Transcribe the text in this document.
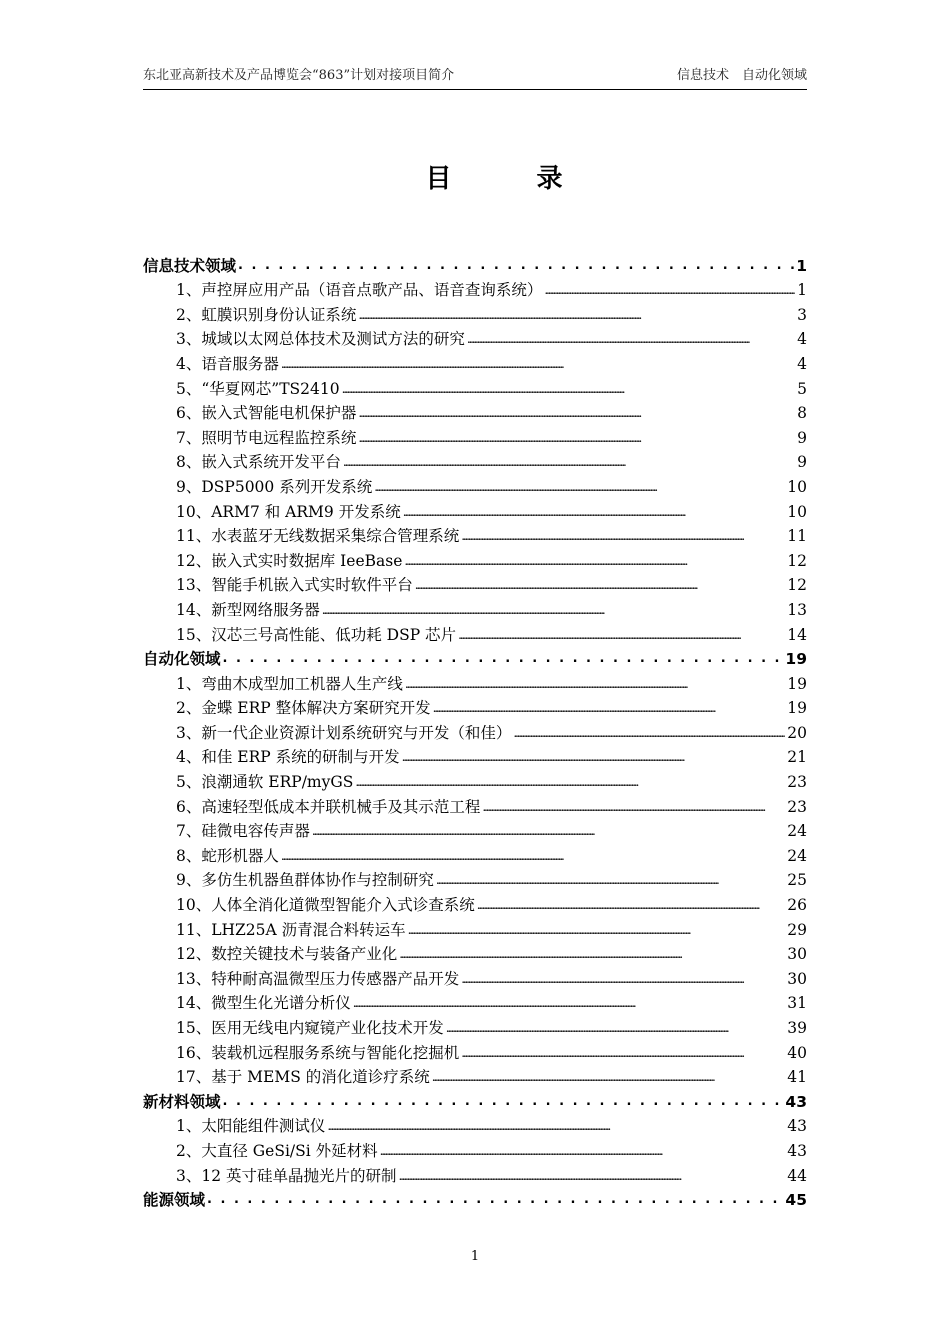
东北亚高新技术及产品博览会“863”计划对接项目简介	信息技术　自动化领域
目 录
信息技术领域 . . .	1
1、声控屏应用产品（语音点歌产品、语音查询系统） . . .	1
2、虹膜识别身份认证系统 . . .	3
3、城域以太网总体技术及测试方法的研究 . . .	4
4、语音服务器 . . .	4
5、“华夏网芯”TS2410 . . .	5
6、嵌入式智能电机保护器 . . .	8
7、照明节电远程监控系统 . . .	9
8、嵌入式系统开发平台 . . .	9
9、DSP5000 系列开发系统 . . .	10
10、ARM7 和 ARM9 开发系统 . . .	10
11、水表蓝牙无线数据采集综合管理系统 . . .	11
12、嵌入式实时数据库 IeeBase . . .	12
13、智能手机嵌入式实时软件平台 . . .	12
14、新型网络服务器 . . .	13
15、汉芯三号高性能、低功耗 DSP 芯片 . . .	14
自动化领域 . . .	19
1、弯曲木成型加工机器人生产线 . . .	19
2、金蝶 ERP 整体解决方案研究开发 . . .	19
3、新一代企业资源计划系统研究与开发（和佳） . . .	20
4、和佳 ERP 系统的研制与开发 . . .	21
5、浪潮通软 ERP/myGS . . .	23
6、高速轻型低成本并联机械手及其示范工程 . . .	23
7、硅微电容传声器 . . .	24
8、蛇形机器人 . . .	24
9、多仿生机器鱼群体协作与控制研究 . . .	25
10、人体全消化道微型智能介入式诊查系统 . . .	26
11、LHZ25A 沥青混合料转运车 . . .	29
12、数控关键技术与装备产业化 . . .	30
13、特种耐高温微型压力传感器产品开发 . . .	30
14、微型生化光谱分析仪 . . .	31
15、医用无线电内窥镜产业化技术开发 . . .	39
16、装载机远程服务系统与智能化挖掘机 . . .	40
17、基于 MEMS 的消化道诊疗系统 . . .	41
新材料领域 . . .	43
1、太阳能组件测试仪 . . .	43
2、大直径 GeSi/Si 外延材料 . . .	43
3、12 英寸硅单晶抛光片的研制 . . .	44
能源领域 . . .	45
1
